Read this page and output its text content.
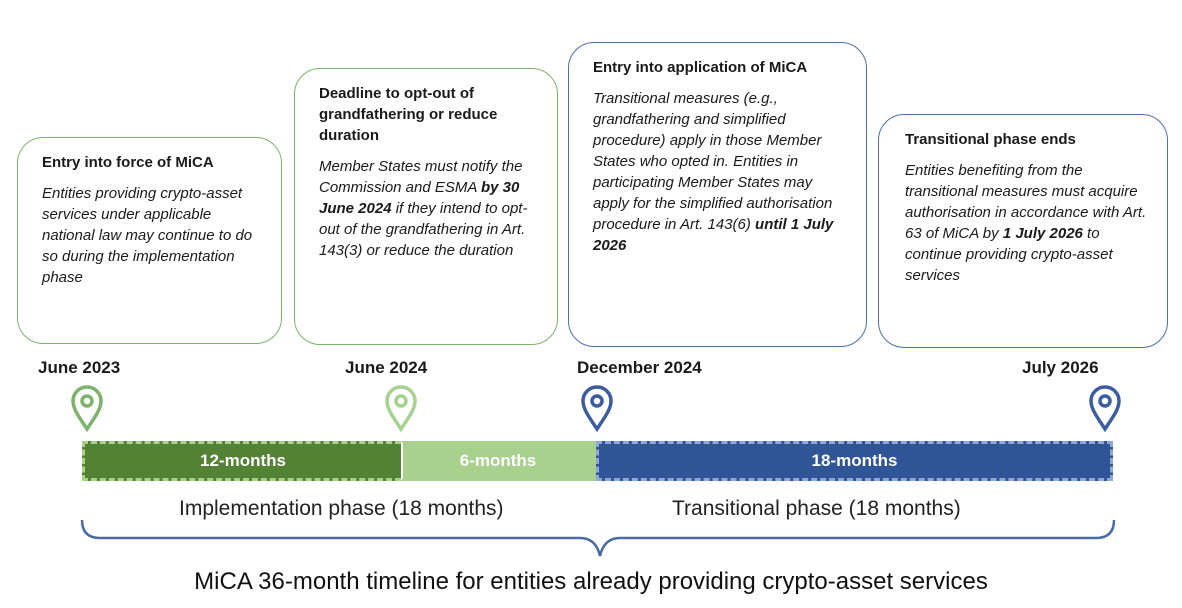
Entry into force of MiCA
Entities providing crypto-asset services under applicable national law may continue to do so during the implementation phase
Deadline to opt-out of grandfathering or reduce duration
Member States must notify the Commission and ESMA by 30 June 2024 if they intend to opt-out of the grandfathering in Art. 143(3) or reduce the duration
Entry into application of MiCA
Transitional measures (e.g., grandfathering and simplified procedure) apply in those Member States who opted in. Entities in participating Member States may apply for the simplified authorisation procedure in Art. 143(6) until 1 July 2026
Transitional phase ends
Entities benefiting from the transitional measures must acquire authorisation in accordance with Art. 63 of MiCA by 1 July 2026 to continue providing crypto-asset services
June 2023	June 2024	December 2024	July 2026
12-months	6-months	18-months
Implementation phase (18 months)	Transitional phase (18 months)
MiCA 36-month timeline for entities already providing crypto-asset services
